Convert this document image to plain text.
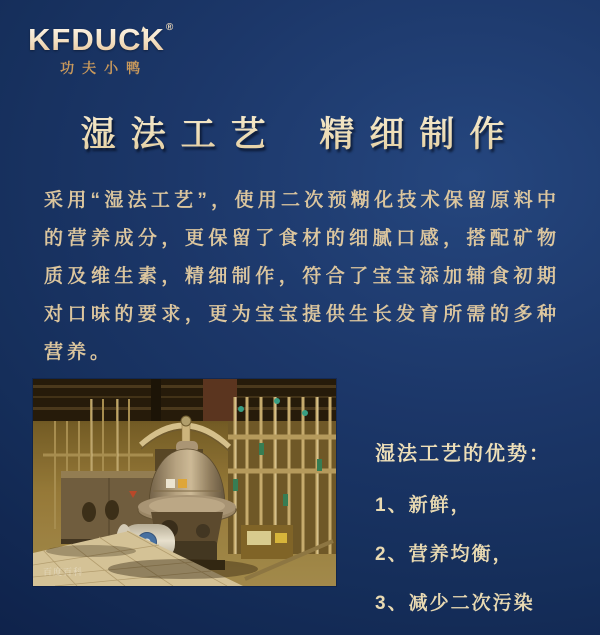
KFDUCK®
功夫小鸭
湿法工艺 精细制作

采用“湿法工艺”，使用二次预糊化技术保留原料中的营养成分，更保留了食材的细腻口感，搭配矿物质及维生素，精细制作，符合了宝宝添加辅食初期对口味的要求，更为宝宝提供生长发育所需的多种营养。

百度百科
湿法工艺的优势：
1、新鲜，
2、营养均衡，
3、减少二次污染
